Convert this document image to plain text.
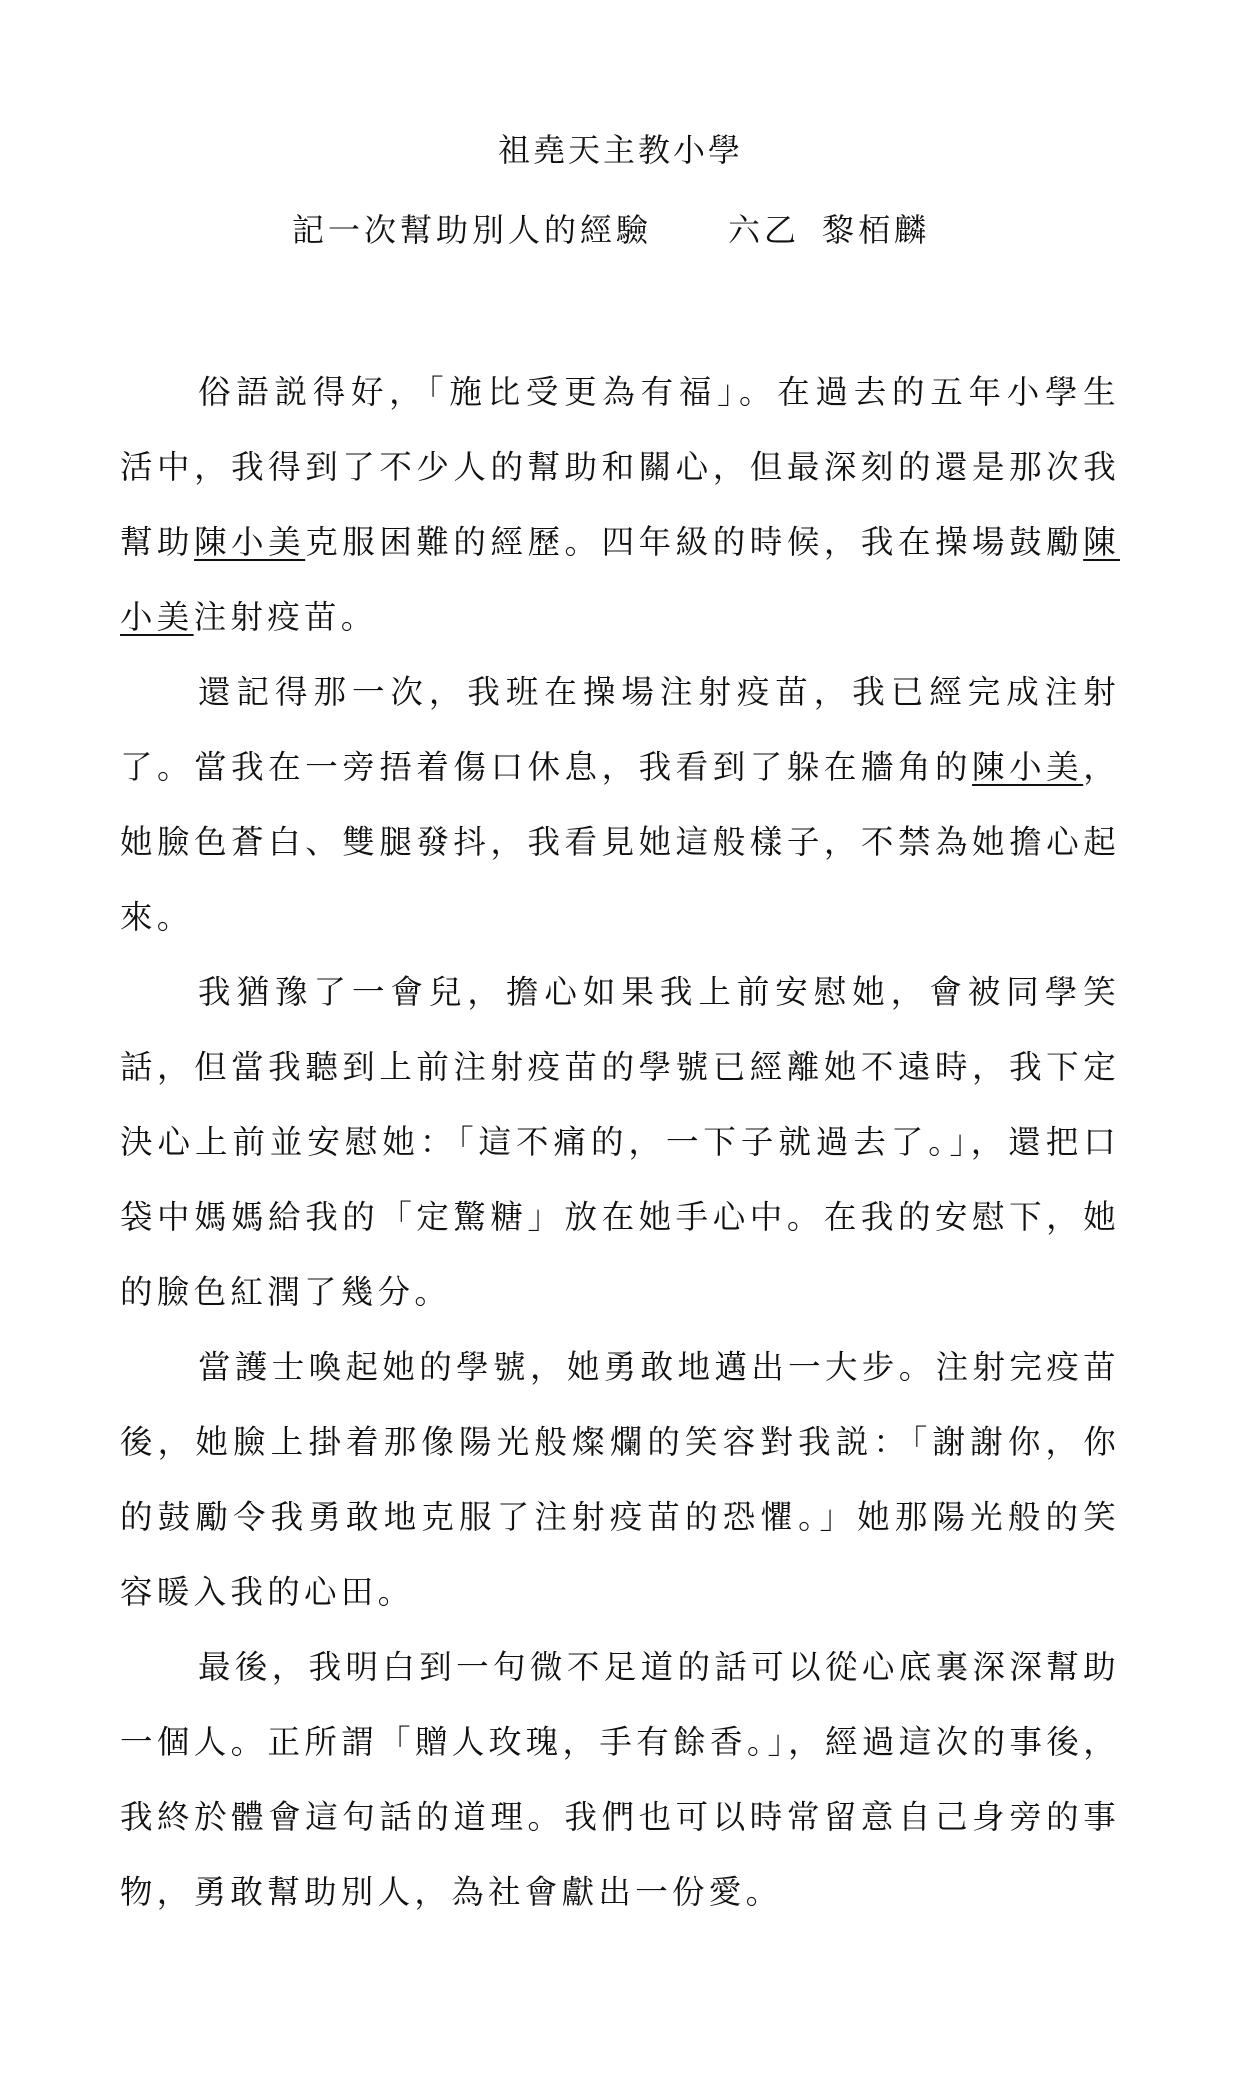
祖堯天主教小學
記一次幫助別人的經驗 六乙 黎栢麟

俗語説得好，「施比受更為有福」。在過去的五年小學生活中，我得到了不少人的幫助和關心，但最深刻的還是那次我幫助陳小美克服困難的經歷。四年級的時候，我在操場鼓勵陳小美注射疫苗。

還記得那一次，我班在操場注射疫苗，我已經完成注射了。當我在一旁捂着傷口休息，我看到了躲在牆角的陳小美，她臉色蒼白、雙腿發抖，我看見她這般樣子，不禁為她擔心起來。

我猶豫了一會兒，擔心如果我上前安慰她，會被同學笑話，但當我聽到上前注射疫苗的學號已經離她不遠時，我下定決心上前並安慰她：「這不痛的，一下子就過去了。」，還把口袋中媽媽給我的「定驚糖」放在她手心中。在我的安慰下，她的臉色紅潤了幾分。

當護士喚起她的學號，她勇敢地邁出一大步。注射完疫苗後，她臉上掛着那像陽光般燦爛的笑容對我説：「謝謝你，你的鼓勵令我勇敢地克服了注射疫苗的恐懼。」她那陽光般的笑容暖入我的心田。

最後，我明白到一句微不足道的話可以從心底裏深深幫助一個人。正所謂「贈人玫瑰，手有餘香。」，經過這次的事後，我終於體會這句話的道理。我們也可以時常留意自己身旁的事物，勇敢幫助別人，為社會獻出一份愛。
